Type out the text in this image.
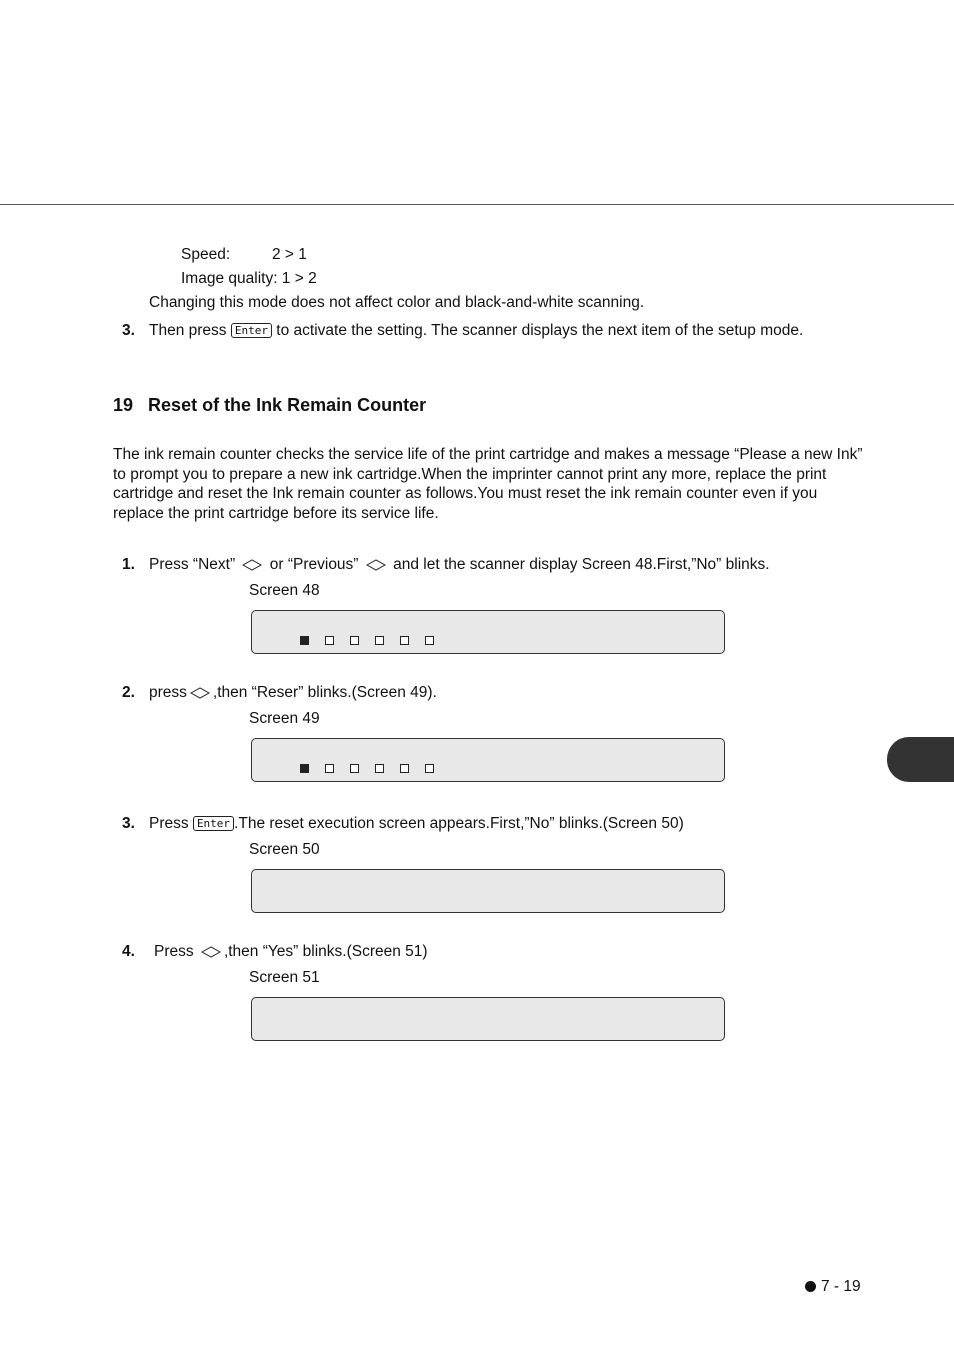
Speed:	2 > 1
Image quality: 1 > 2
Changing this mode does not affect color and black-and-white scanning.
3. Then press Enter to activate the setting. The scanner displays the next item of the setup mode.
19 Reset of the Ink Remain Counter
The ink remain counter checks the service life of the print cartridge and makes a message “Please a new Ink” to prompt you to prepare a new ink cartridge.When the imprinter cannot print any more, replace the print cartridge and reset the Ink remain counter as follows.You must reset the ink remain counter even if you replace the print cartridge before its service life.
1. Press “Next” or “Previous” and let the scanner display Screen 48.First,”No” blinks.
Screen 48
2. press ,then “Reser” blinks.(Screen 49).
Screen 49
3. Press Enter .The reset execution screen appears.First,”No” blinks.(Screen 50)
Screen 50
4. Press ,then “Yes” blinks.(Screen 51)
Screen 51
7 - 19
